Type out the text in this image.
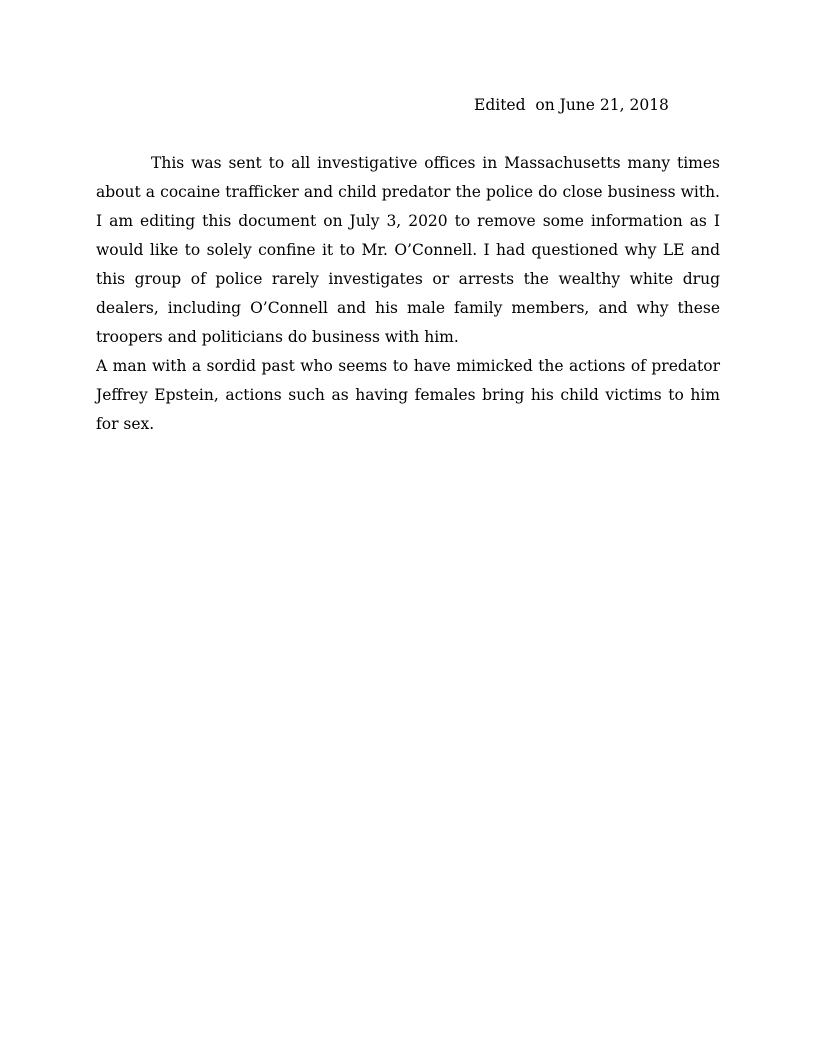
Edited  on June 21, 2018

This was sent to all investigative offices in Massachusetts many times about a cocaine trafficker and child predator the police do close business with. I am editing this document on July 3, 2020 to remove some information as I would like to solely confine it to Mr. O’Connell. I had questioned why LE and this group of police rarely investigates or arrests the wealthy white drug dealers, including O’Connell and his male family members, and why these troopers and politicians do business with him.

A man with a sordid past who seems to have mimicked the actions of predator Jeffrey Epstein, actions such as having females bring his child victims to him for sex.
